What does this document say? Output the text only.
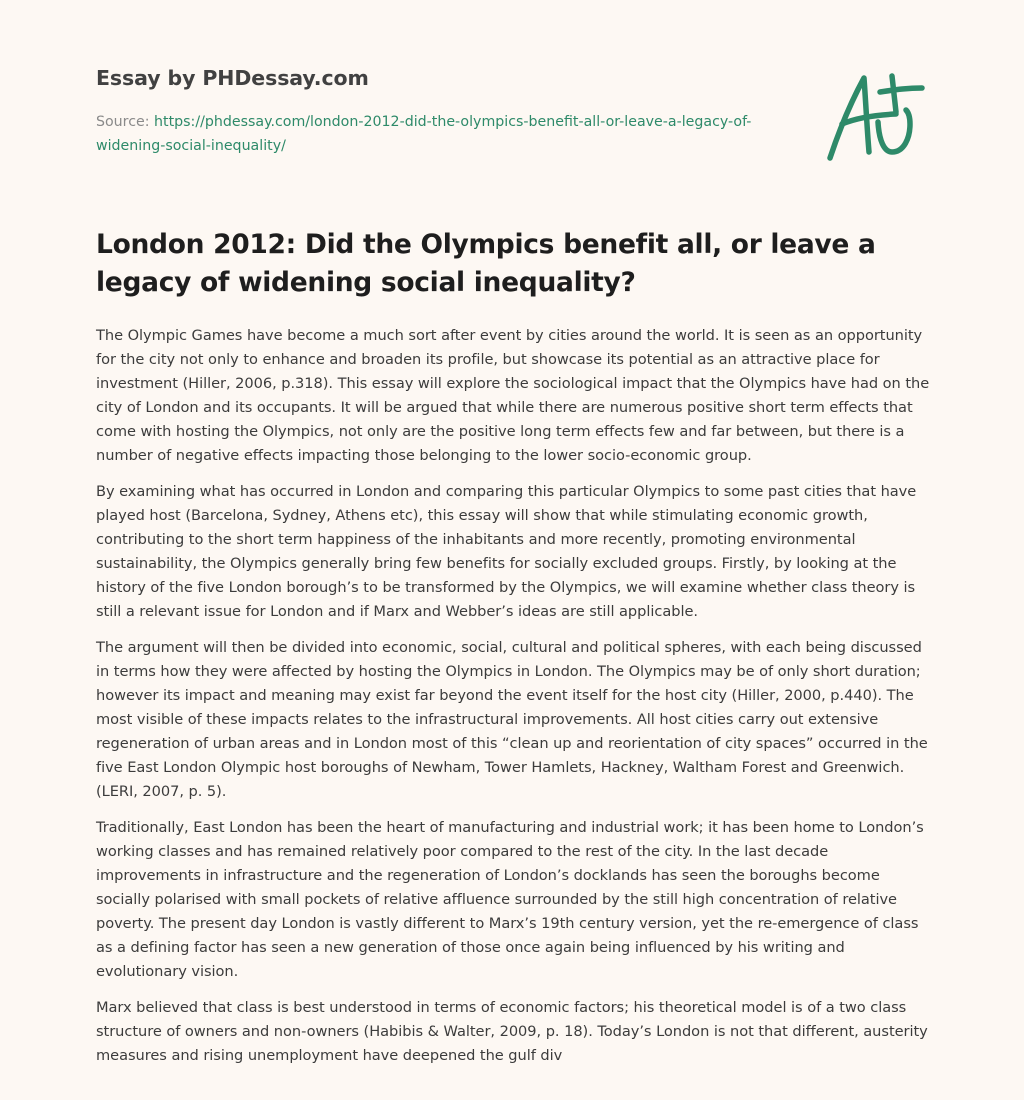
Essay by PHDessay.com
Source: https://phdessay.com/london-2012-did-the-olympics-benefit-all-or-leave-a-legacy-of-widening-social-inequality/
London 2012: Did the Olympics benefit all, or leave a legacy of widening social inequality?

The Olympic Games have become a much sort after event by cities around the world. It is seen as an opportunity for the city not only to enhance and broaden its profile, but showcase its potential as an attractive place for investment (Hiller, 2006, p.318). This essay will explore the sociological impact that the Olympics have had on the city of London and its occupants. It will be argued that while there are numerous positive short term effects that come with hosting the Olympics, not only are the positive long term effects few and far between, but there is a number of negative effects impacting those belonging to the lower socio-economic group.

By examining what has occurred in London and comparing this particular Olympics to some past cities that have played host (Barcelona, Sydney, Athens etc), this essay will show that while stimulating economic growth, contributing to the short term happiness of the inhabitants and more recently, promoting environmental sustainability, the Olympics generally bring few benefits for socially excluded groups. Firstly, by looking at the history of the five London borough’s to be transformed by the Olympics, we will examine whether class theory is still a relevant issue for London and if Marx and Webber’s ideas are still applicable.

The argument will then be divided into economic, social, cultural and political spheres, with each being discussed in terms how they were affected by hosting the Olympics in London. The Olympics may be of only short duration; however its impact and meaning may exist far beyond the event itself for the host city (Hiller, 2000, p.440). The most visible of these impacts relates to the infrastructural improvements. All host cities carry out extensive regeneration of urban areas and in London most of this “clean up and reorientation of city spaces” occurred in the five East London Olympic host boroughs of Newham, Tower Hamlets, Hackney, Waltham Forest and Greenwich. (LERI, 2007, p. 5).

Traditionally, East London has been the heart of manufacturing and industrial work; it has been home to London’s working classes and has remained relatively poor compared to the rest of the city. In the last decade improvements in infrastructure and the regeneration of London’s docklands has seen the boroughs become socially polarised with small pockets of relative affluence surrounded by the still high concentration of relative poverty. The present day London is vastly different to Marx’s 19th century version, yet the re-emergence of class as a defining factor has seen a new generation of those once again being influenced by his writing and evolutionary vision.

Marx believed that class is best understood in terms of economic factors; his theoretical model is of a two class structure of owners and non-owners (Habibis & Walter, 2009, p. 18). Today’s London is not that different, austerity measures and rising unemployment have deepened the gulf div
